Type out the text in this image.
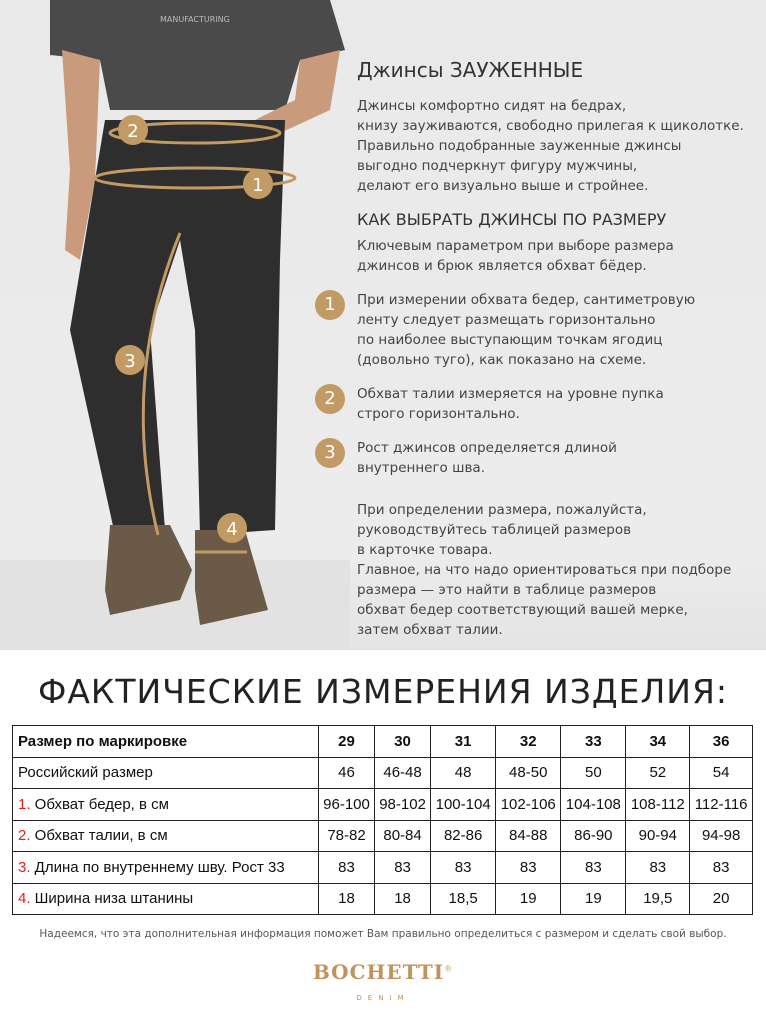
MANUFACTURING
1
2
3
4
Джинсы ЗАУЖЕННЫЕ
Джинсы комфортно сидят на бедрах,
книзу зауживаются, свободно прилегая к щиколотке.
Правильно подобранные зауженные джинсы
выгодно подчеркнут фигуру мужчины,
делают его визуально выше и стройнее.
КАК ВЫБРАТЬ ДЖИНСЫ ПО РАЗМЕРУ
Ключевым параметром при выборе размера
джинсов и брюк является обхват бёдер.
1	При измерении обхвата бедер, сантиметровую
ленту следует размещать горизонтально
по наиболее выступающим точкам ягодиц
(довольно туго), как показано на схеме.
2	Обхват талии измеряется на уровне пупка
строго горизонтально.
3	Рост джинсов определяется длиной
внутреннего шва.
При определении размера, пожалуйста,
руководствуйтесь таблицей размеров
в карточке товара.
Главное, на что надо ориентироваться при подборе
размера — это найти в таблице размеров
обхват бедер соответствующий вашей мерке,
затем обхват талии.
ФАКТИЧЕСКИЕ ИЗМЕРЕНИЯ ИЗДЕЛИЯ:
Размер по маркировке	29	30	31	32	33	34	36
Российский размер	46	46-48	48	48-50	50	52	54
1. Обхват бедер, в см	96-100	98-102	100-104	102-106	104-108	108-112	112-116
2. Обхват талии, в см	78-82	80-84	82-86	84-88	86-90	90-94	94-98
3. Длина по внутреннему шву. Рост 33	83	83	83	83	83	83	83
4. Ширина низа штанины	18	18	18,5	19	19	19,5	20
Надеемся, что эта дополнительная информация поможет Вам правильно определиться с размером и сделать свой выбор.
BOCHETTI®
DENIM
